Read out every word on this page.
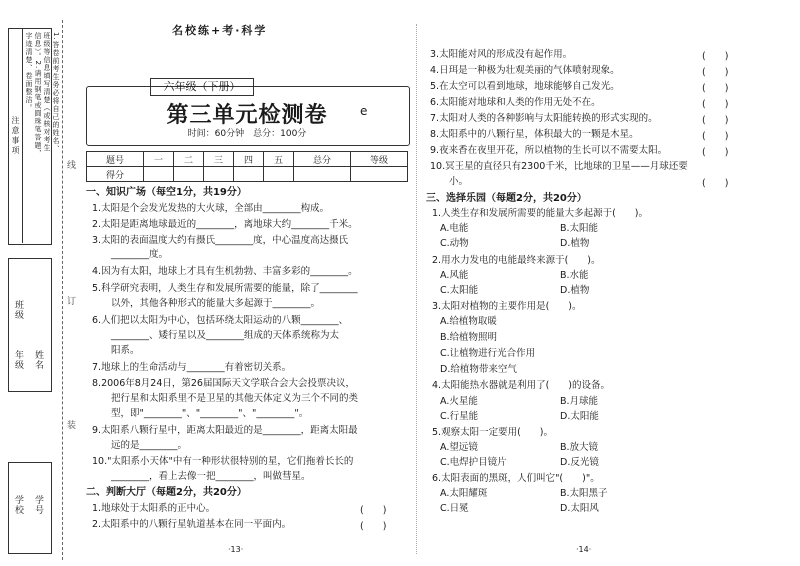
注意事项	1.答卷前考生务必将自己的姓名、
班级等信息填写清楚（或核对考生
信息）。2.请用钢笔或圆珠笔答题，
字迹清楚、卷面整洁。
年级
班级
姓名
学校 学号
线
订
装
名校练+考·科学
六年级（下册）
第三单元检测卷
时间：60分钟　总分：100分
e
题号	一	二	三	四	五	总分	等级
得分							
一、知识广场（每空1分，共19分）
1.太阳是个会发光发热的大火球，全部由________构成。
2.太阳是距离地球最近的________，离地球大约________千米。
3.太阳的表面温度大约有摄氏________度，中心温度高达摄氏
　　________度。
4.因为有太阳，地球上才具有生机勃勃、丰富多彩的________。
5.科学研究表明，人类生存和发展所需要的能量，除了________
　　以外，其他各种形式的能量大多起源于________。
6.人们把以太阳为中心，包括环绕太阳运动的八颗________、
　　________、矮行星以及________组成的天体系统称为太
　　阳系。
7.地球上的生命活动与________有着密切关系。
8.2006年8月24日，第26届国际天文学联合会大会投票决议，
　　把行星和太阳系里不是卫星的其他天体定义为三个不同的类
　　型，即"________"、"________"、"________"。
9.太阳系八颗行星中，距离太阳最近的是________，距离太阳最
　　远的是________。
10."太阳系小天体"中有一种形状很特别的星，它们拖着长长的
　　________，看上去像一把________，叫做彗星。
二、判断大厅（每题2分，共20分）
1.地球处于太阳系的正中心。	(　　)
2.太阳系中的八颗行星轨道基本在同一平面内。	(　　)
·13·
3.太阳能对风的形成没有起作用。	(　　)
4.日珥是一种极为壮观美丽的气体喷射现象。	(　　)
5.在太空可以看到地球，地球能够自己发光。	(　　)
6.太阳能对地球和人类的作用无处不在。	(　　)
7.太阳对人类的各种影响与太阳能转换的形式实现的。	(　　)
8.太阳系中的八颗行星，体积最大的一颗是木星。	(　　)
9.夜来香在夜里开花，所以植物的生长可以不需要太阳。	(　　)
10.冥王星的直径只有2300千米，比地球的卫星——月球还要
　　小。	(　　)
三、选择乐园（每题2分，共20分）
1.人类生存和发展所需要的能量大多起源于(　　)。
A.电能	B.太阳能
C.动物	D.植物
2.用水力发电的电能最终来源于(　　)。
A.风能	B.水能
C.太阳能	D.植物
3.太阳对植物的主要作用是(　　)。
A.给植物取暖
B.给植物照明
C.让植物进行光合作用
D.给植物带来空气
4.太阳能热水器就是利用了(　　)的设备。
A.火星能	B.月球能
C.行星能	D.太阳能
5.观察太阳一定要用(　　)。
A.望远镜	B.放大镜
C.电焊护目镜片	D.反光镜
6.太阳表面的黑斑，人们叫它"(　　)"。
A.太阳耀斑	B.太阳黑子
C.日冕	D.太阳风
·14·
